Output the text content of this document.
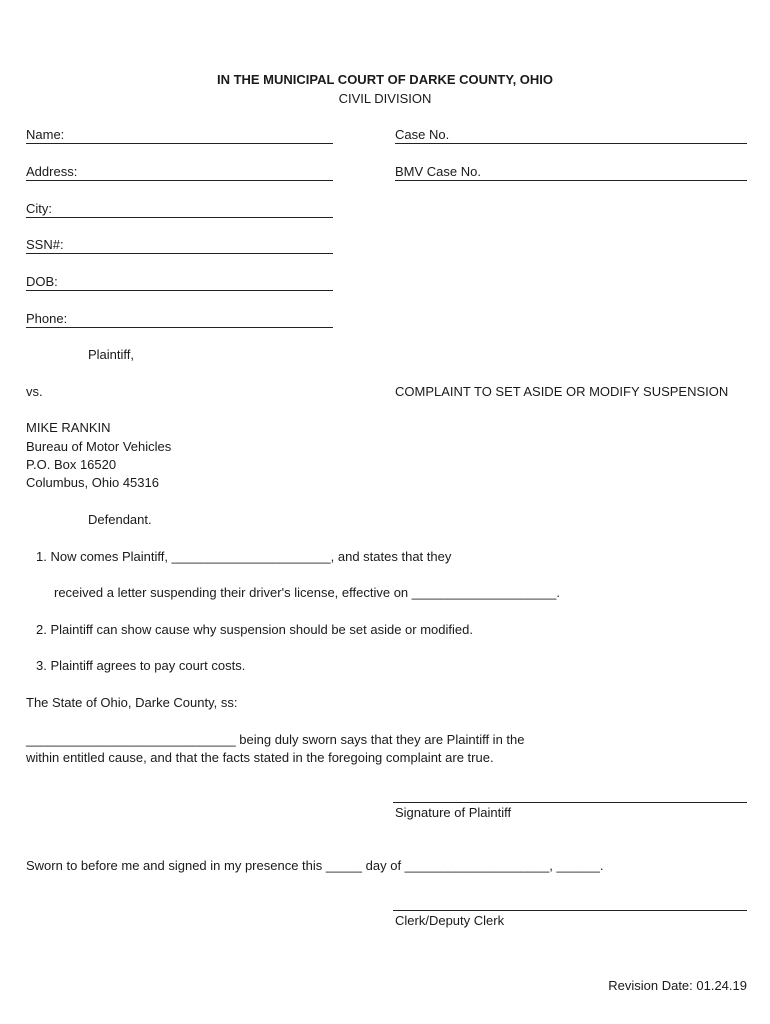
IN THE MUNICIPAL COURT OF DARKE COUNTY, OHIO
CIVIL DIVISION
Name:
Address:
City:
SSN#:
DOB:
Phone:
Case No.
BMV Case No.
Plaintiff,
vs.	COMPLAINT TO SET ASIDE OR MODIFY SUSPENSION
MIKE RANKIN
Bureau of Motor Vehicles
P.O. Box 16520
Columbus, Ohio 45316
Defendant.
1. Now comes Plaintiff, ______________________, and states that they
received a letter suspending their driver's license, effective on ____________________.
2. Plaintiff can show cause why suspension should be set aside or modified.
3. Plaintiff agrees to pay court costs.
The State of Ohio, Darke County, ss:
_____________________________ being duly sworn says that they are Plaintiff in the
within entitled cause, and that the facts stated in the foregoing complaint are true.
Signature of Plaintiff
Sworn to before me and signed in my presence this _____ day of ____________________, ______.
Clerk/Deputy Clerk
Revision Date: 01.24.19
